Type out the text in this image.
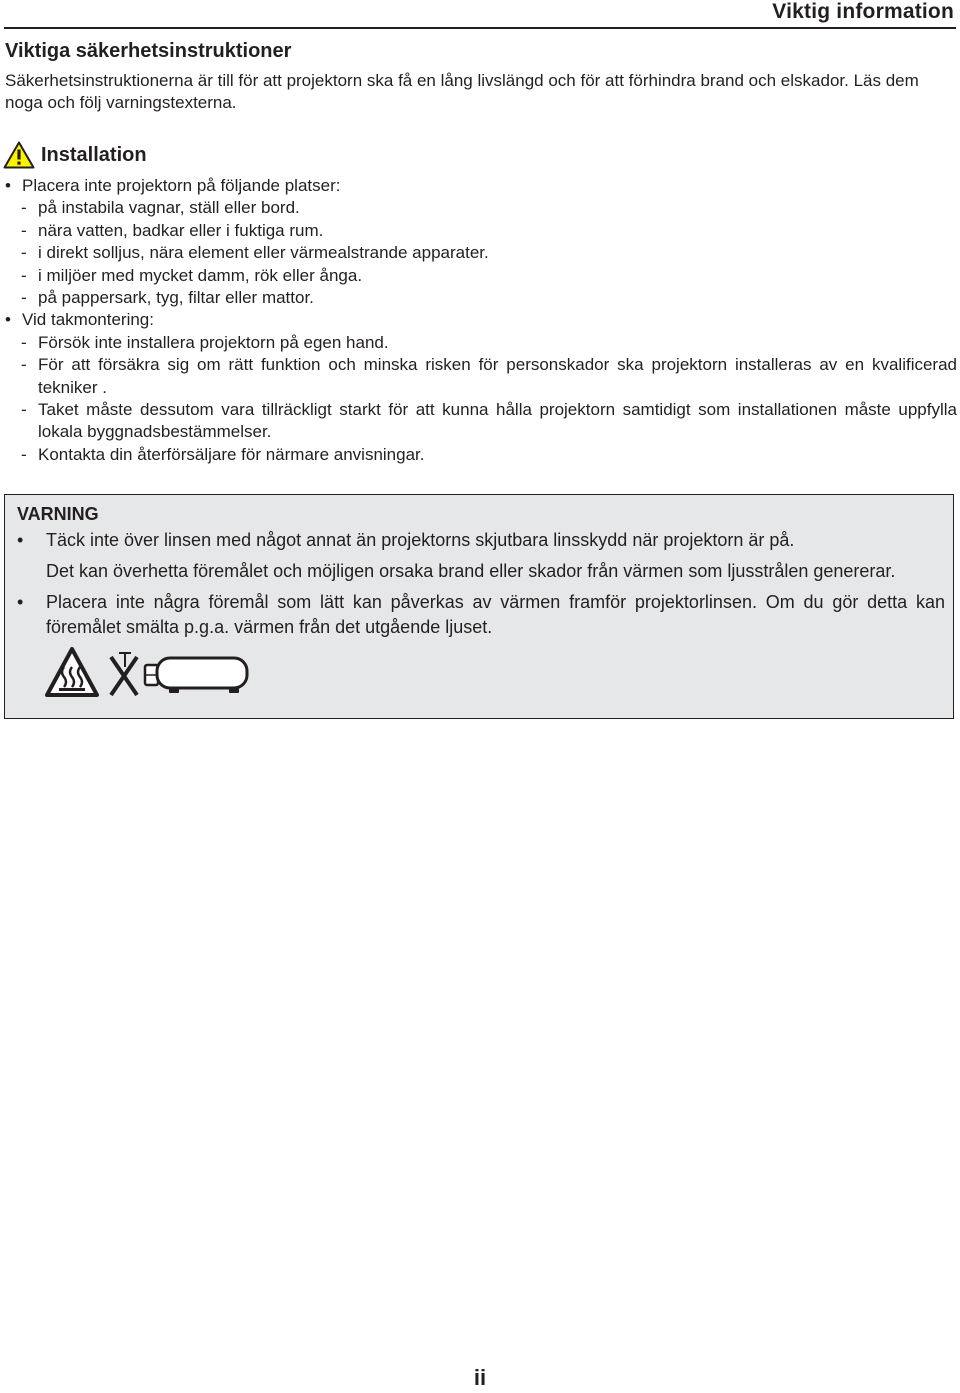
Viktig information
Viktiga säkerhetsinstruktioner
Säkerhetsinstruktionerna är till för att projektorn ska få en lång livslängd och för att förhindra brand och elskador. Läs dem noga och följ varningstexterna.
Installation
• Placera inte projektorn på följande platser:
- på instabila vagnar, ställ eller bord.
- nära vatten, badkar eller i fuktiga rum.
- i direkt solljus, nära element eller värmealstrande apparater.
- i miljöer med mycket damm, rök eller ånga.
- på pappersark, tyg, filtar eller mattor.
• Vid takmontering:
- Försök inte installera projektorn på egen hand.
- För att försäkra sig om rätt funktion och minska risken för personskador ska projektorn installeras av en kvalificerad tekniker .
- Taket måste dessutom vara tillräckligt starkt för att kunna hålla projektorn samtidigt som installationen måste uppfylla lokala byggnadsbestämmelser.
- Kontakta din återförsäljare för närmare anvisningar.
VARNING
•	Täck inte över linsen med något annat än projektorns skjutbara linsskydd när projektorn är på.
Det kan överhetta föremålet och möjligen orsaka brand eller skador från värmen som ljusstrålen genererar.
•	Placera inte några föremål som lätt kan påverkas av värmen framför projektorlinsen. Om du gör detta kan föremålet smälta p.g.a. värmen från det utgående ljuset.
ii
